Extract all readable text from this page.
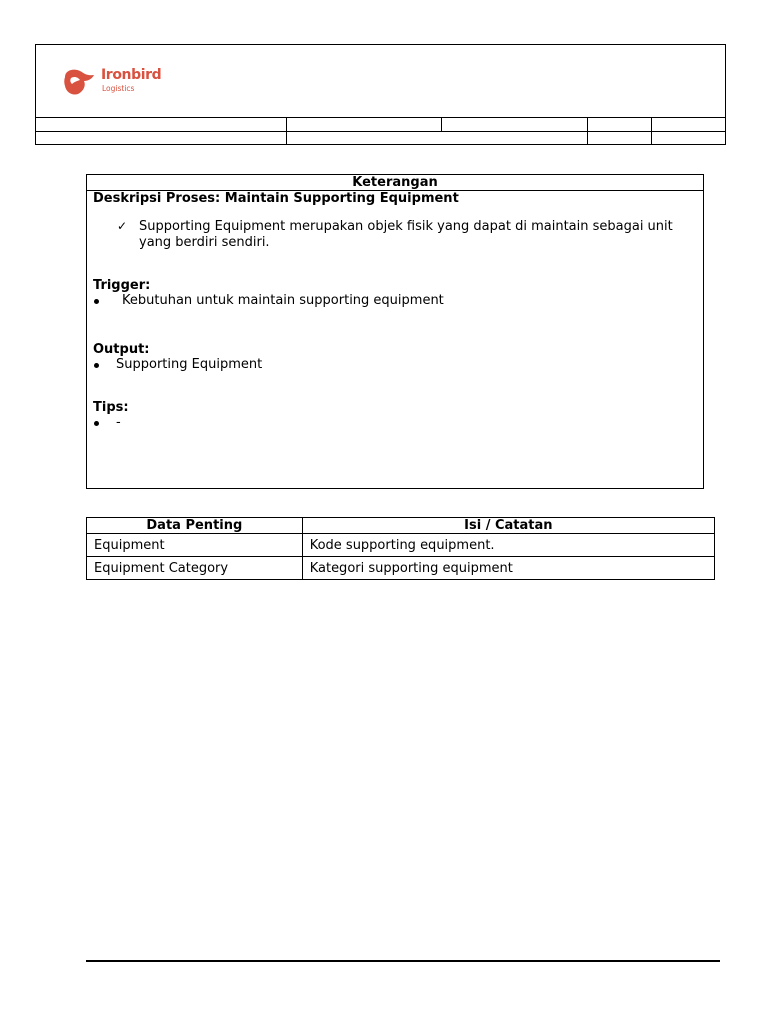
Ironbird
Logistics
Keterangan
Deskripsi Proses: Maintain Supporting Equipment
✓ Supporting Equipment merupakan objek fisik yang dapat di maintain sebagai unit
yang berdiri sendiri.
Trigger:
Kebutuhan untuk maintain supporting equipment
Output:
Supporting Equipment
Tips:
-
Data Penting	Isi / Catatan
Equipment	Kode supporting equipment.
Equipment Category	Kategori supporting equipment
